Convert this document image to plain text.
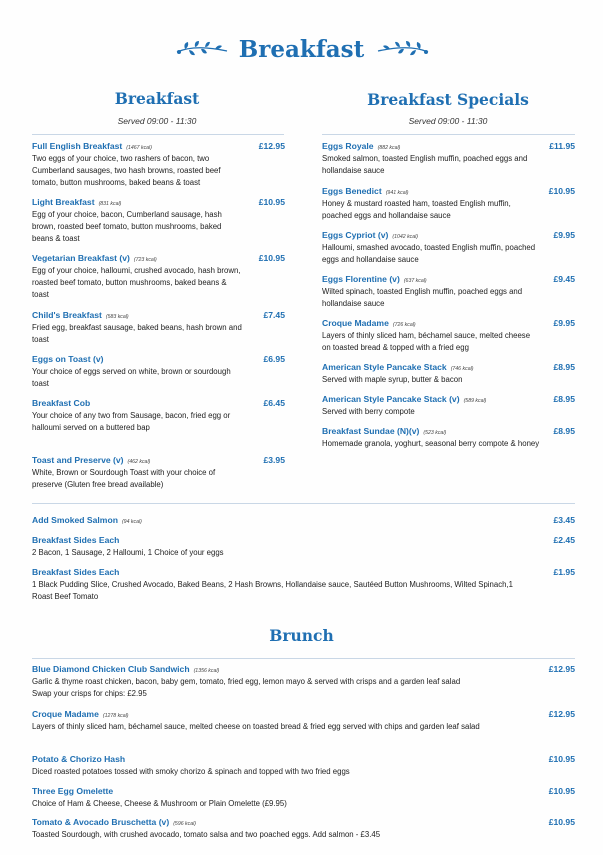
Breakfast
Breakfast
Served 09:00 - 11:30
Full English Breakfast (1467 kcal)	£12.95
Two eggs of your choice, two rashers of bacon, two Cumberland sausages, two hash browns, roasted beef tomato, button mushrooms, baked beans & toast
Light Breakfast (831 kcal)	£10.95
Egg of your choice, bacon, Cumberland sausage, hash brown, roasted beef tomato, button mushrooms, baked beans & toast
Vegetarian Breakfast (v) (723 kcal)	£10.95
Egg of your choice, halloumi, crushed avocado, hash brown, roasted beef tomato, button mushrooms, baked beans & toast
Child's Breakfast (583 kcal)	£7.45
Fried egg, breakfast sausage, baked beans, hash brown and toast
Eggs on Toast (v)	£6.95
Your choice of eggs served on white, brown or sourdough toast
Breakfast Cob	£6.45
Your choice of any two from Sausage, bacon, fried egg or halloumi served on a buttered bap
Toast and Preserve (v) (462 kcal)	£3.95
White, Brown or Sourdough Toast with your choice of preserve (Gluten free bread available)
Breakfast Specials
Served 09:00 - 11:30
Eggs Royale (882 kcal)	£11.95
Smoked salmon, toasted English muffin, poached eggs and hollandaise sauce
Eggs Benedict (941 kcal)	£10.95
Honey & mustard roasted ham, toasted English muffin, poached eggs and hollandaise sauce
Eggs Cypriot (v) (1042 kcal)	£9.95
Halloumi, smashed avocado, toasted English muffin, poached eggs and hollandaise sauce
Eggs Florentine (v) (637 kcal)	£9.45
Wilted spinach, toasted English muffin, poached eggs and hollandaise sauce
Croque Madame (726 kcal)	£9.95
Layers of thinly sliced ham, béchamel sauce, melted cheese on toasted bread & topped with a fried egg
American Style Pancake Stack (746 kcal)	£8.95
Served with maple syrup, butter & bacon
American Style Pancake Stack (v) (589 kcal)	£8.95
Served with berry compote
Breakfast Sundae (N)(v) (523 kcal)	£8.95
Homemade granola, yoghurt, seasonal berry compote & honey
Add Smoked Salmon (94 kcal)	£3.45
Breakfast Sides Each	£2.45
2 Bacon, 1 Sausage, 2 Halloumi, 1 Choice of your eggs
Breakfast Sides Each	£1.95
1 Black Pudding Slice, Crushed Avocado, Baked Beans, 2 Hash Browns, Hollandaise sauce, Sautéed Button Mushrooms, Wilted Spinach,1 Roast Beef Tomato
Brunch
Blue Diamond Chicken Club Sandwich (1356 kcal)	£12.95
Garlic & thyme roast chicken, bacon, baby gem, tomato, fried egg, lemon mayo & served with crisps and a garden leaf salad
Swap your crisps for chips: £2.95
Croque Madame (1278 kcal)	£12.95
Layers of thinly sliced ham, béchamel sauce, melted cheese on toasted bread & fried egg served with chips and garden leaf salad
Potato & Chorizo Hash	£10.95
Diced roasted potatoes tossed with smoky chorizo & spinach and topped with two fried eggs
Three Egg Omelette	£10.95
Choice of Ham & Cheese, Cheese & Mushroom or Plain Omelette (£9.95)
Tomato & Avocado Bruschetta (v) (596 kcal)	£10.95
Toasted Sourdough, with crushed avocado, tomato salsa and two poached eggs. Add salmon - £3.45
